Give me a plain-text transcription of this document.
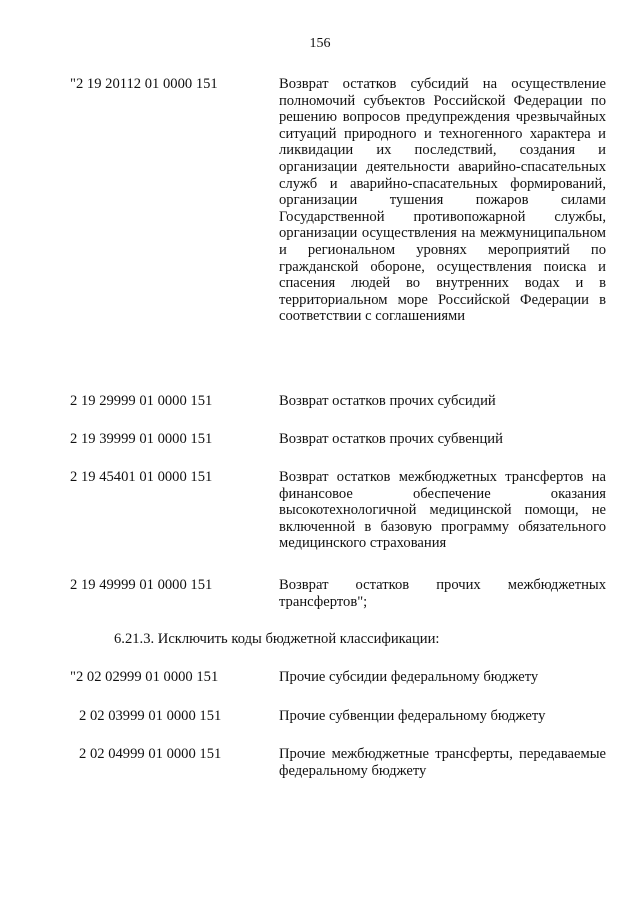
156
"2 19 20112 01 0000 151	Возврат остатков субсидий на осуществление полномочий субъектов Российской Федерации по решению вопросов предупреждения чрезвычайных ситуаций природного и техногенного характера и ликвидации их последствий, создания и организации деятельности аварийно-спасательных служб и аварийно-спасательных формирований, организации тушения пожаров силами Государственной противопожарной службы, организации осуществления на межмуниципальном и региональном уровнях мероприятий по гражданской обороне, осуществления поиска и спасения людей во внутренних водах и в территориальном море Российской Федерации в соответствии с соглашениями
2 19 29999 01 0000 151	Возврат остатков прочих субсидий
2 19 39999 01 0000 151	Возврат остатков прочих субвенций
2 19 45401 01 0000 151	Возврат остатков межбюджетных трансфертов на финансовое обеспечение оказания высокотехнологичной медицинской помощи, не включенной в базовую программу обязательного медицинского страхования
2 19 49999 01 0000 151	Возврат остатков прочих межбюджетных трансфертов";
6.21.3. Исключить коды бюджетной классификации:
"2 02 02999 01 0000 151	Прочие субсидии федеральному бюджету
2 02 03999 01 0000 151	Прочие субвенции федеральному бюджету
2 02 04999 01 0000 151	Прочие межбюджетные трансферты, передаваемые федеральному бюджету
